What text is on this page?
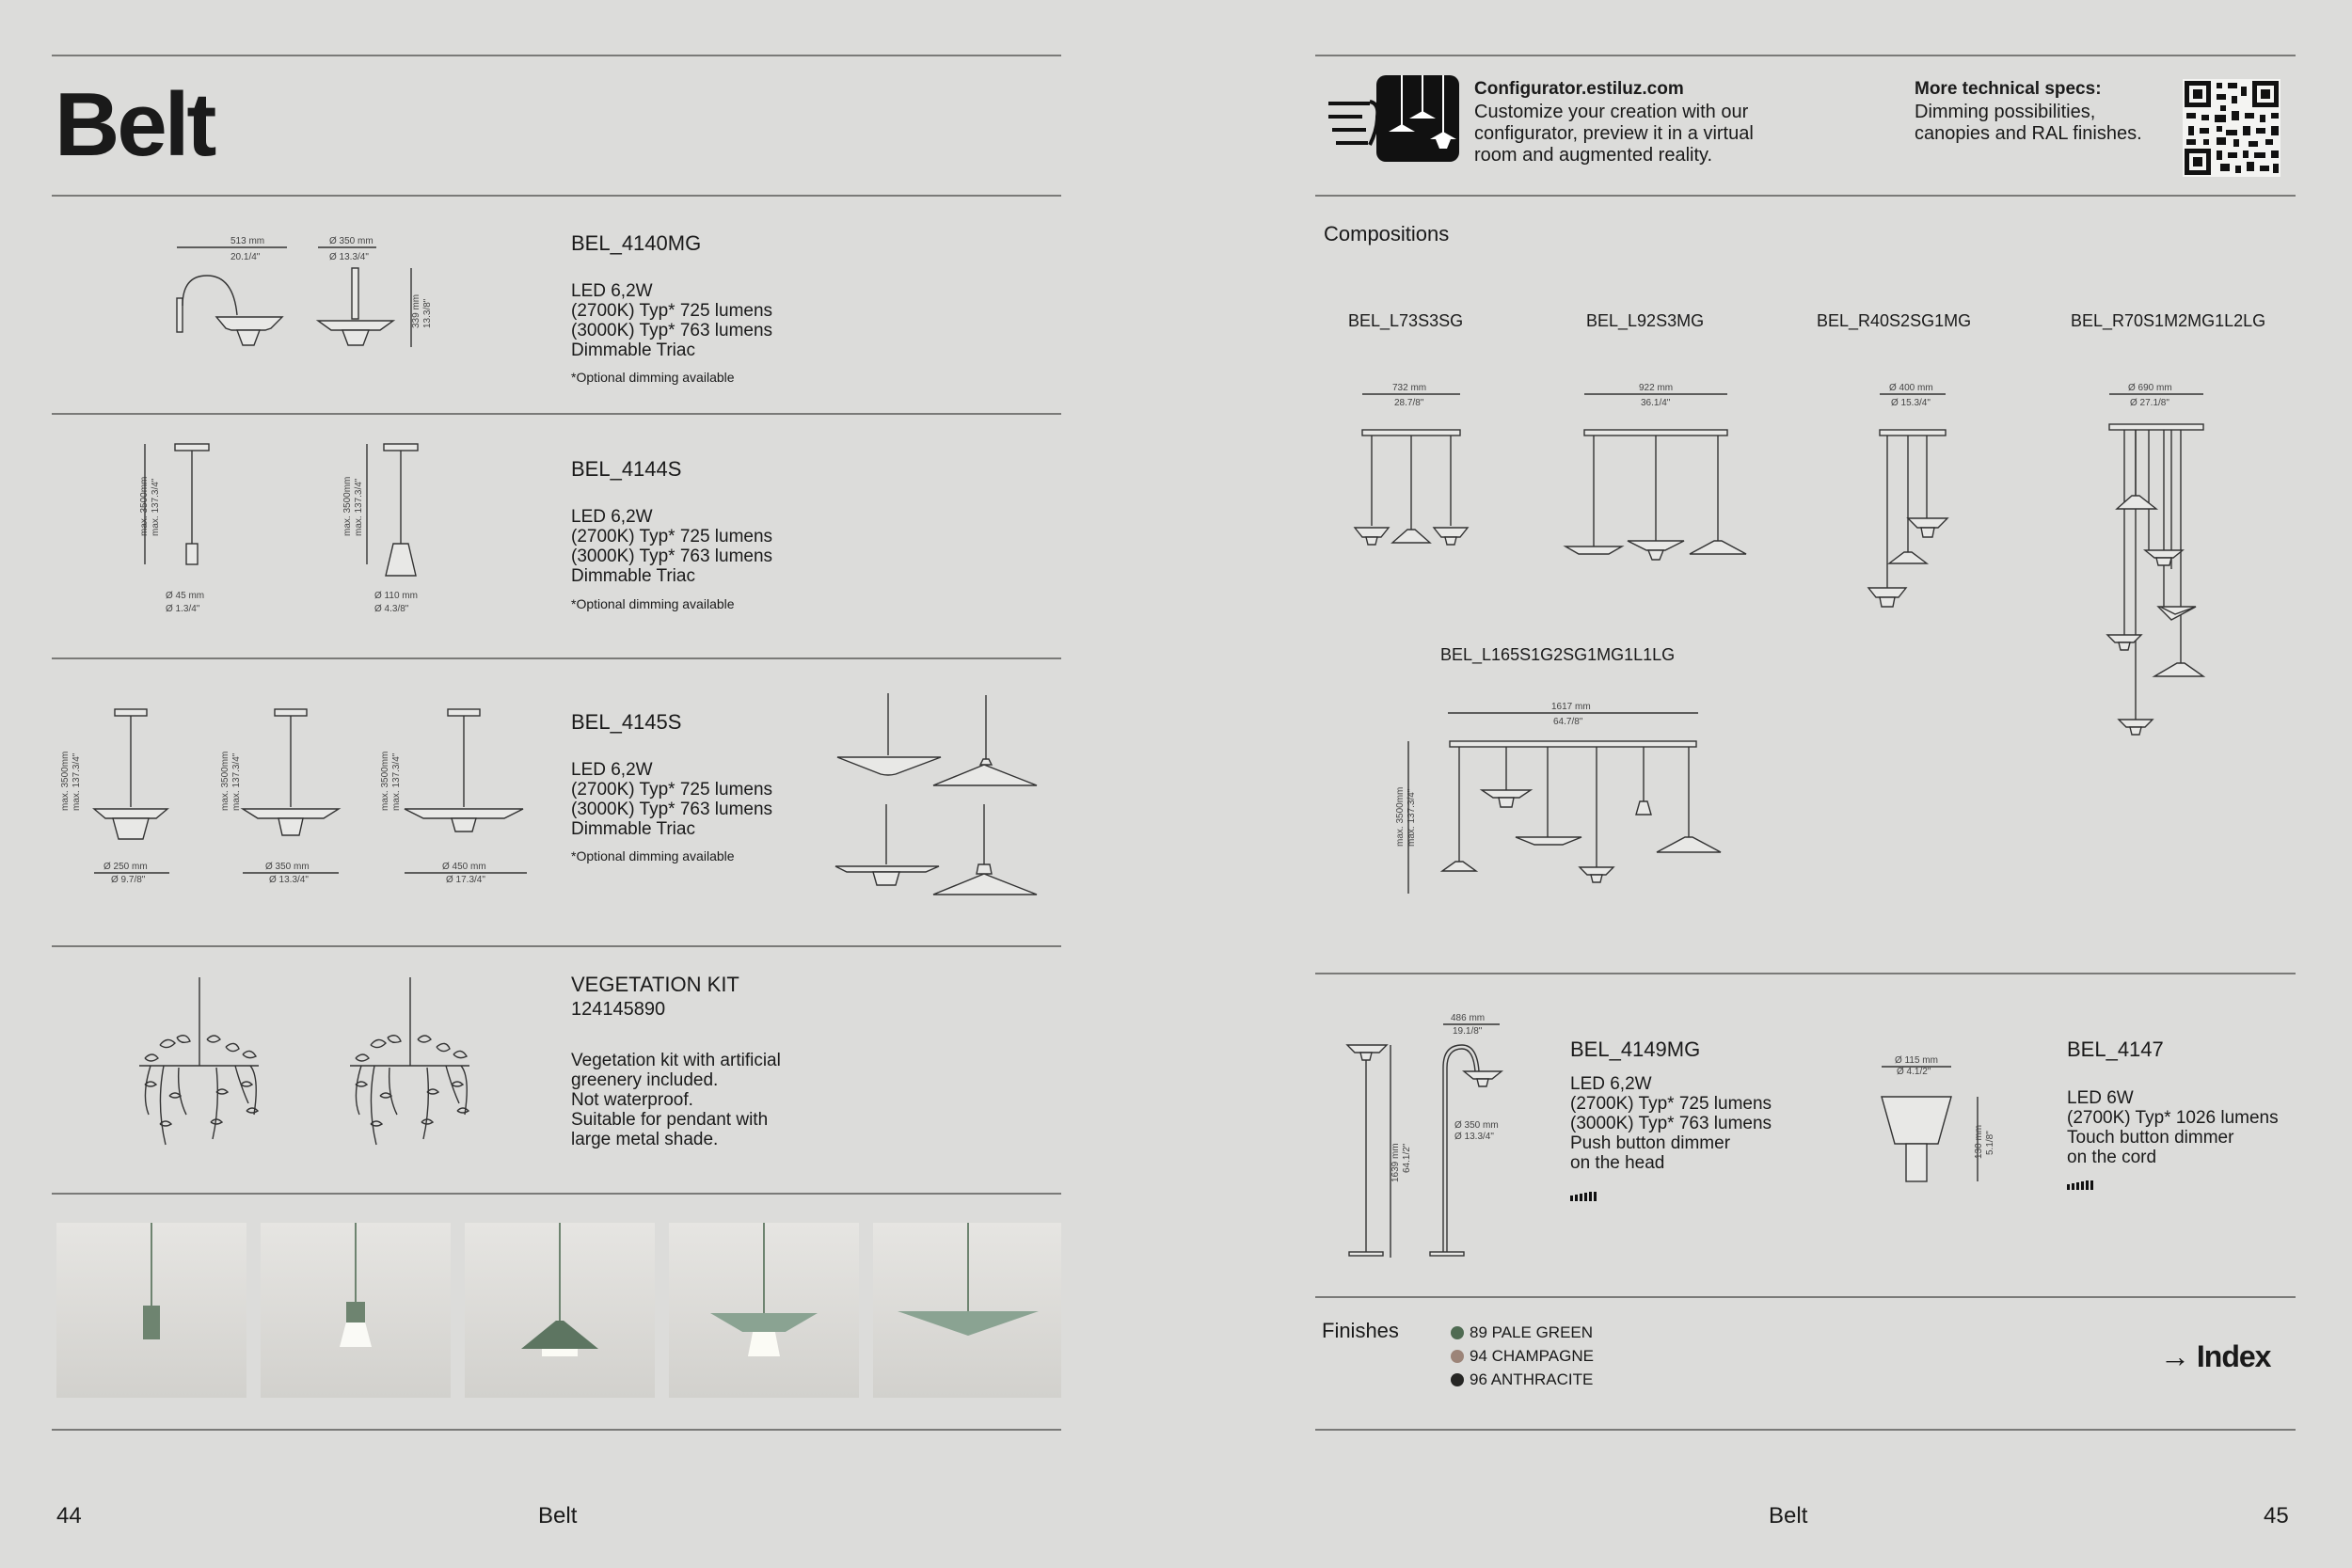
Belt
513 mm
20.1/4"
Ø 350 mm
Ø 13.3/4"
339 mm 13.3/8"
BEL_4140MG
LED 6,2W
(2700K) Typ* 725 lumens
(3000K) Typ* 763 lumens
Dimmable Triac
*Optional dimming available
max. 3500mm max. 137.3/4"
Ø 45 mm
Ø 1.3/4"
max. 3500mm max. 137.3/4"
Ø 110 mm
Ø 4.3/8"
BEL_4144S
LED 6,2W
(2700K) Typ* 725 lumens
(3000K) Typ* 763 lumens
Dimmable Triac
*Optional dimming available
max. 3500mm max. 137.3/4"
Ø 250 mm
Ø 9.7/8"
max. 3500mm max. 137.3/4"
Ø 350 mm
Ø 13.3/4"
max. 3500mm max. 137.3/4"
Ø 450 mm
Ø 17.3/4"
BEL_4145S
LED 6,2W
(2700K) Typ* 725 lumens
(3000K) Typ* 763 lumens
Dimmable Triac
*Optional dimming available
VEGETATION KIT
124145890
Vegetation kit with artificial
greenery included.
Not waterproof.
Suitable for pendant with
large metal shade.
44	Belt
Configurator.estiluz.com
Customize your creation with our
configurator, preview it in a virtual
room and augmented reality.
More technical specs:
Dimming possibilities,
canopies and RAL finishes.
Compositions
BEL_L73S3SG	BEL_L92S3MG	BEL_R40S2SG1MG	BEL_R70S1M2MG1L2LG
732 mm
28.7/8"
922 mm
36.1/4"
Ø 400 mm
Ø 15.3/4"
Ø 690 mm
Ø 27.1/8"
BEL_L165S1G2SG1MG1L1LG
1617 mm
64.7/8"
max. 3500mm max. 137.3/4"
1639 mm 64.1/2"
486 mm
19.1/8"
Ø 350 mm
Ø 13.3/4"
BEL_4149MG
LED 6,2W
(2700K) Typ* 725 lumens
(3000K) Typ* 763 lumens
Push button dimmer
on the head
Ø 115 mm
Ø 4.1/2"
130 mm 5.1/8"
BEL_4147
LED 6W
(2700K) Typ* 1026 lumens
Touch button dimmer
on the cord
Finishes	89 PALE GREEN
94 CHAMPAGNE
96 ANTHRACITE
→ Index
Belt	45
